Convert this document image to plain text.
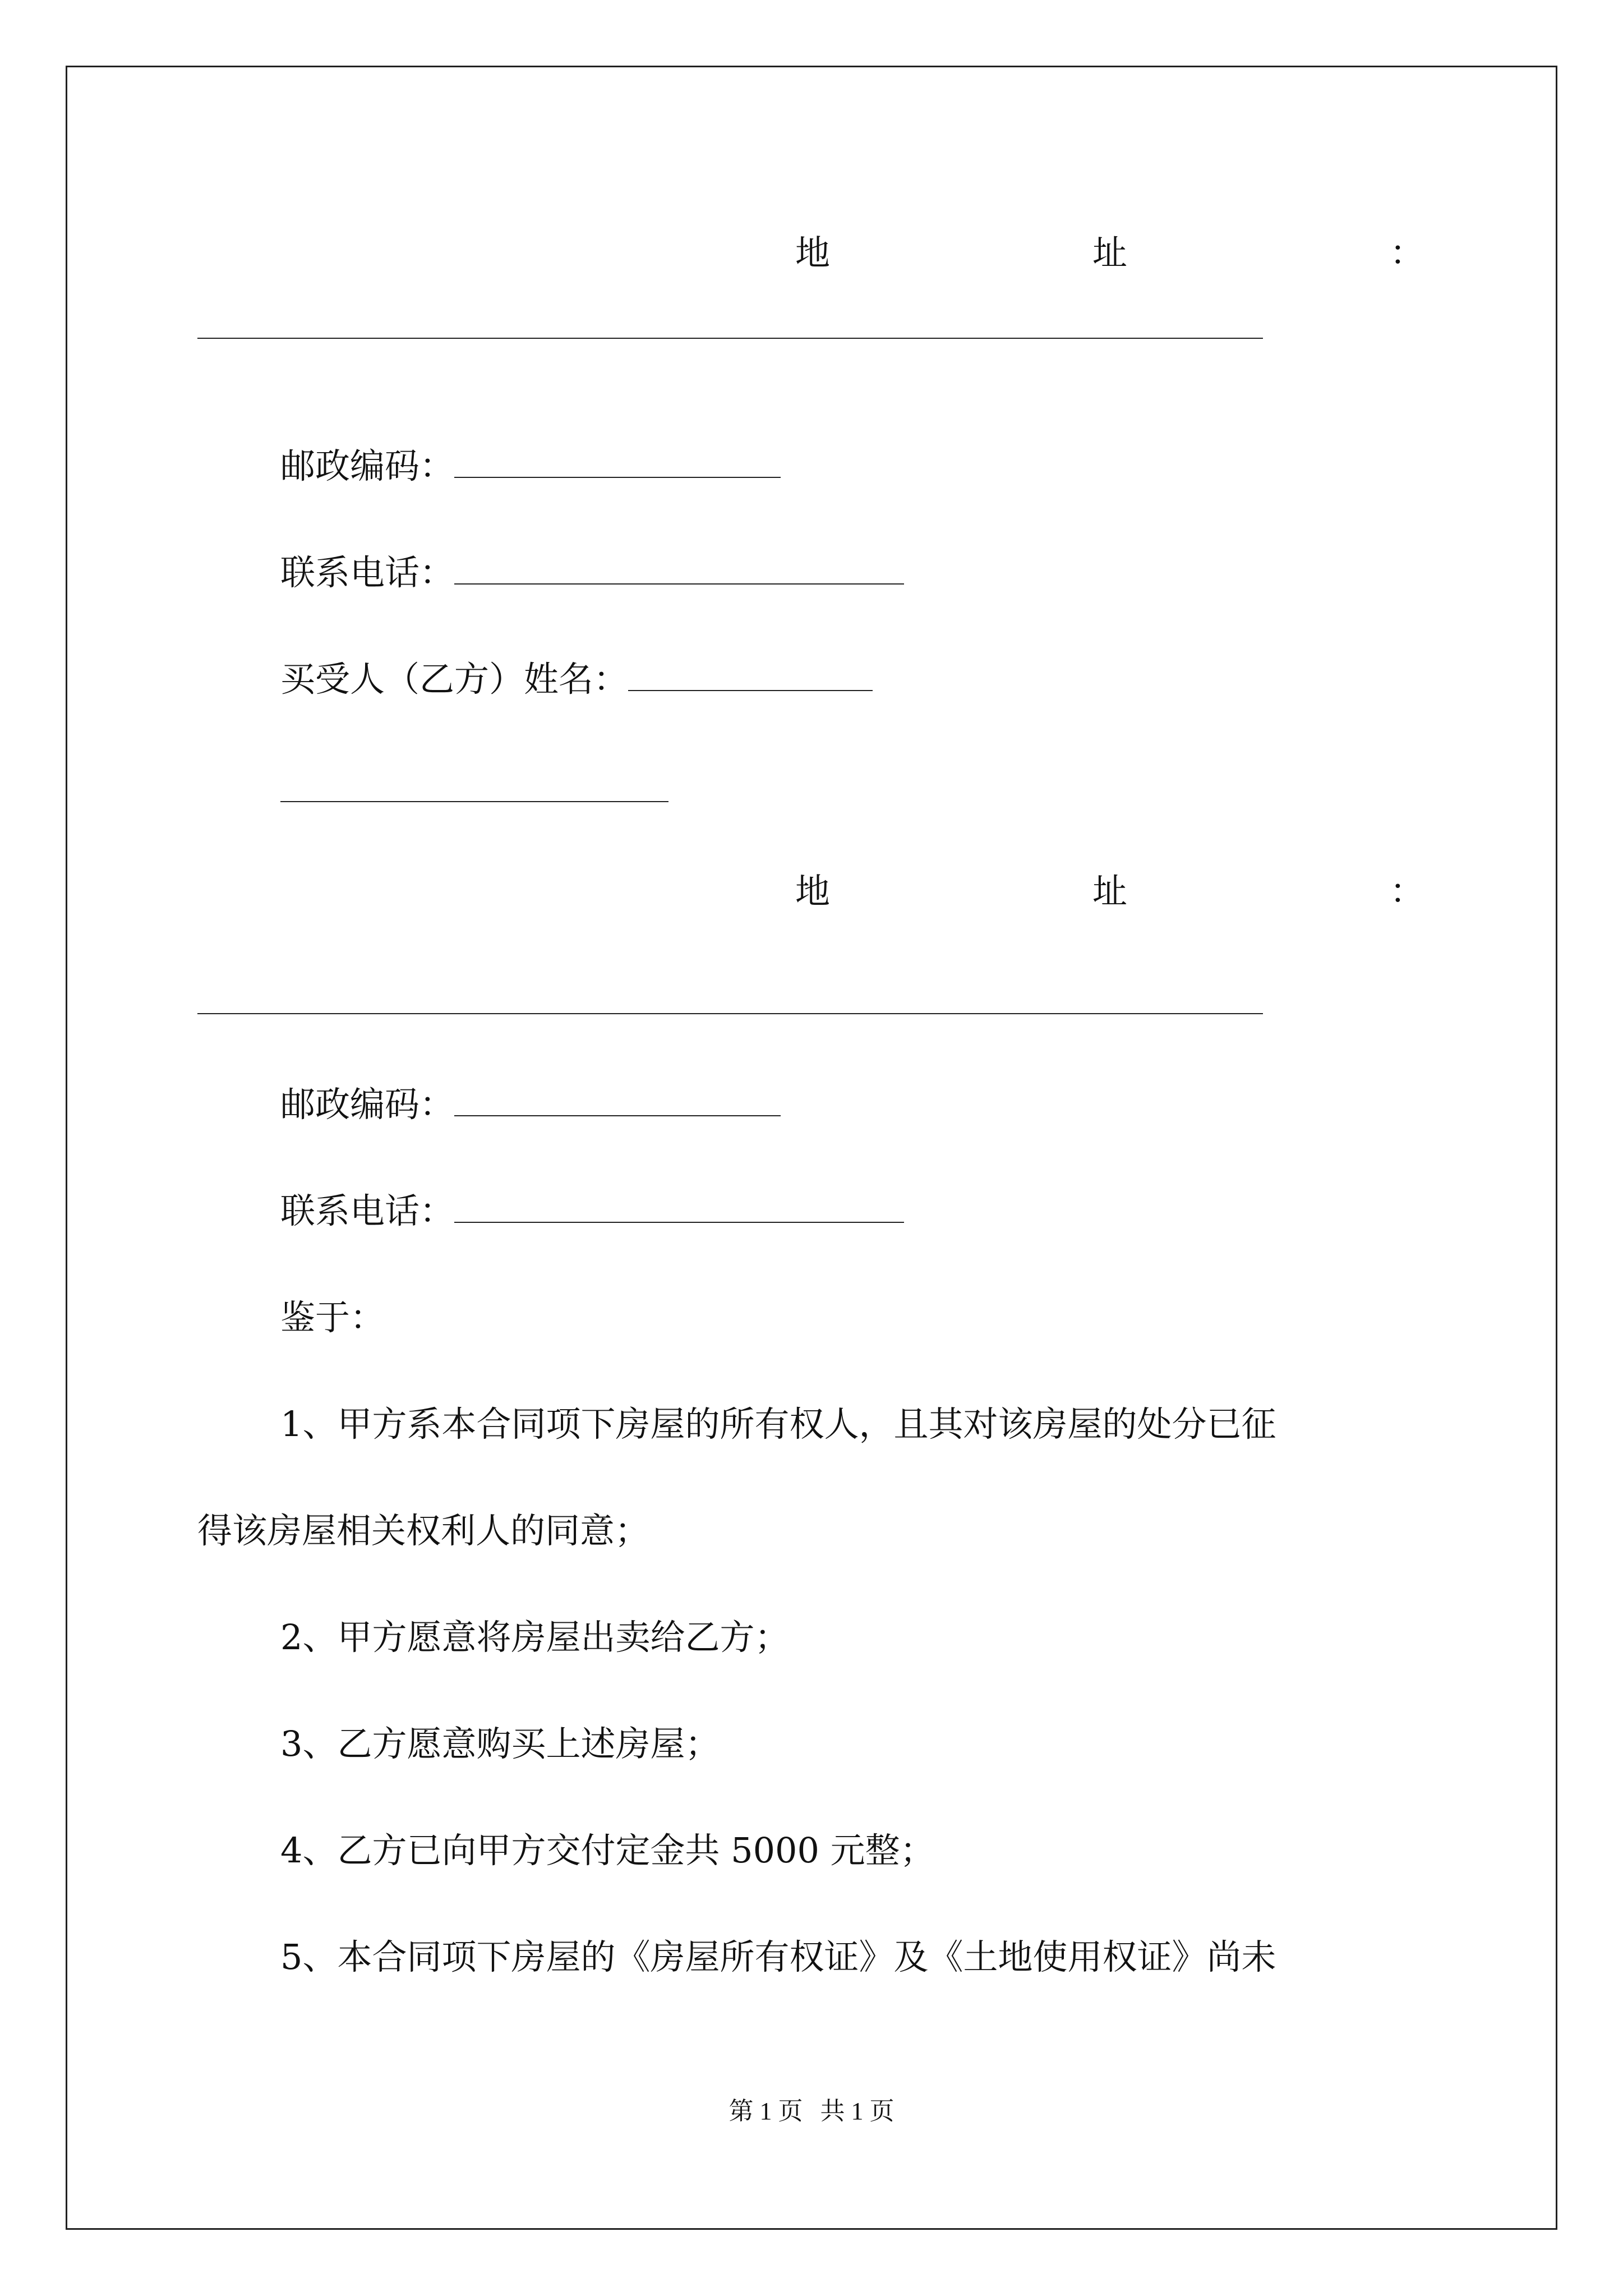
地	址	：
邮政编码：
联系电话：
买受人（乙方）姓名：
地	址	：
邮政编码：
联系电话：
鉴于：
1、甲方系本合同项下房屋的所有权人，且其对该房屋的处分已征
得该房屋相关权利人的同意；
2、甲方愿意将房屋出卖给乙方；
3、乙方愿意购买上述房屋；
4、乙方已向甲方交付定金共 5000 元整；
5、本合同项下房屋的《房屋所有权证》及《土地使用权证》尚未
第 1 页 共 1 页
